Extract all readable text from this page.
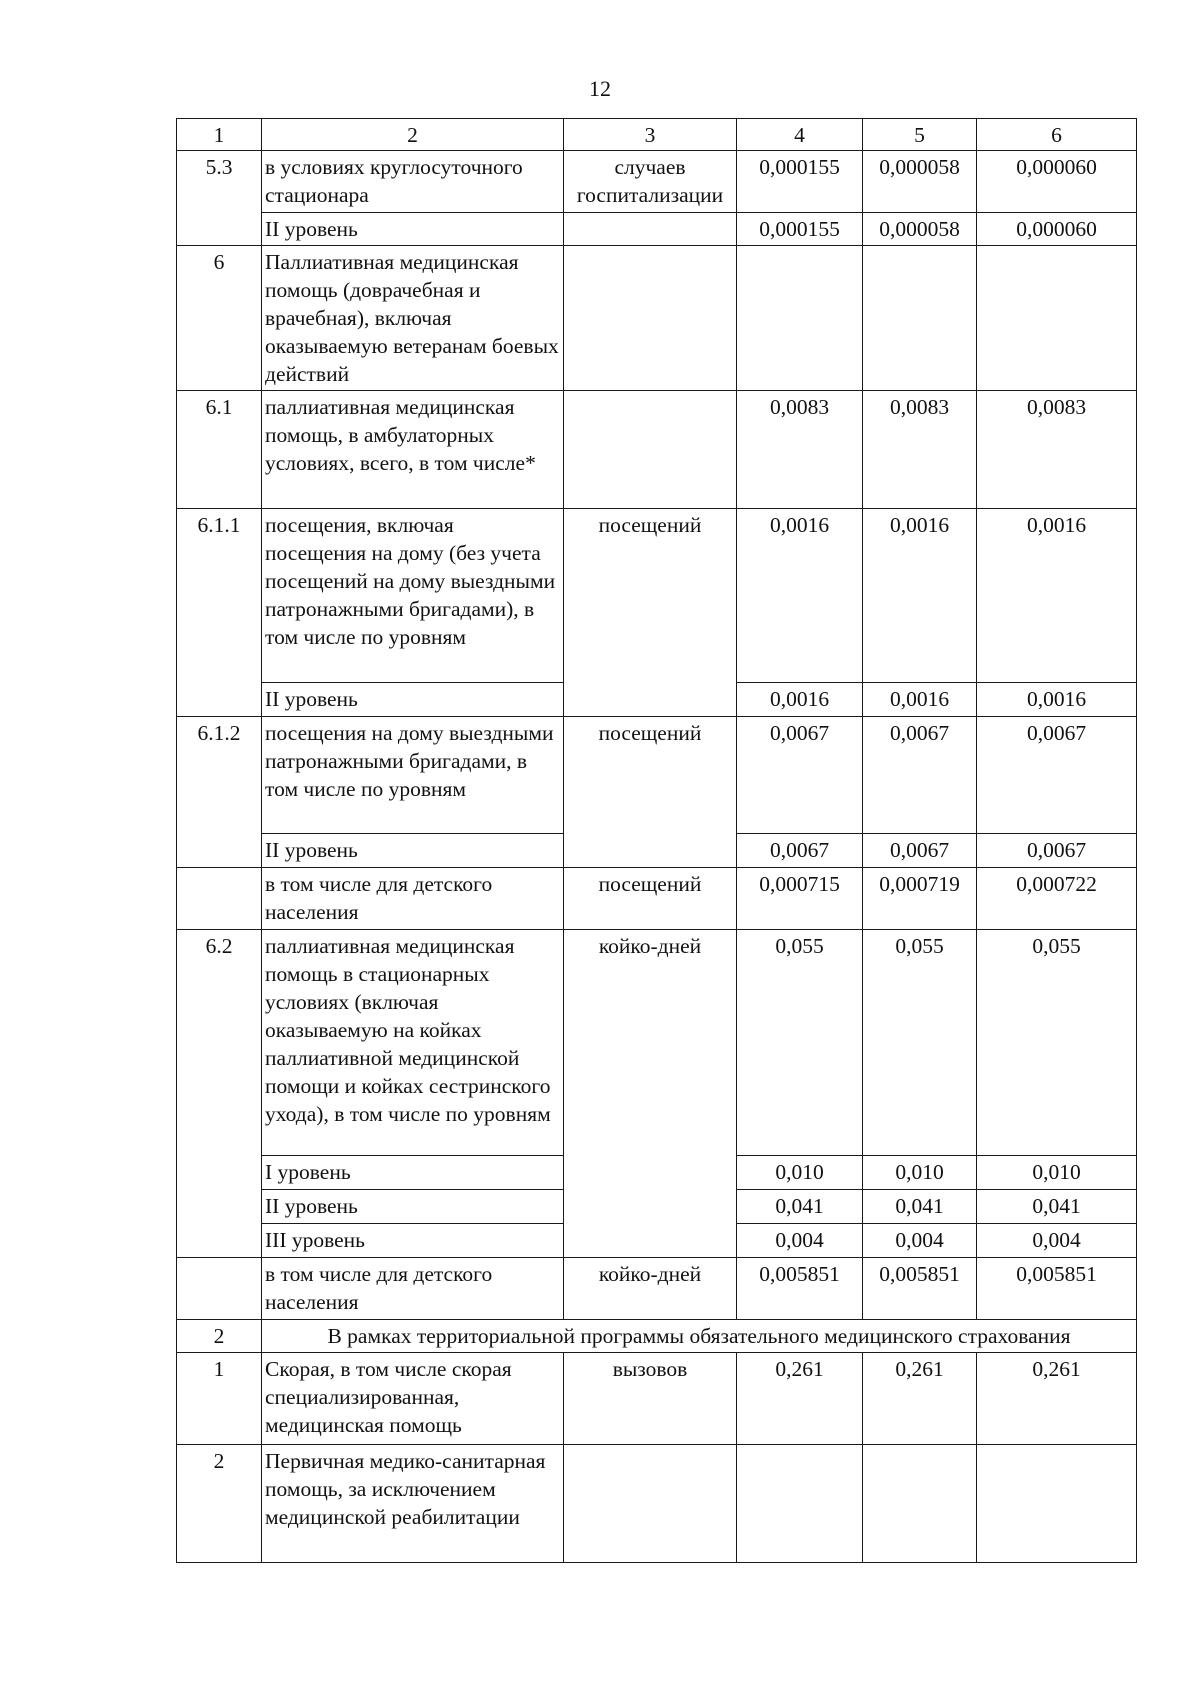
12
1	2	3	4	5	6
5.3	в условиях круглосуточного стационара	случаев госпитализации	0,000155	0,000058	0,000060
	II уровень		0,000155	0,000058	0,000060
6	Паллиативная медицинская помощь (доврачебная и врачебная), включая оказываемую ветеранам боевых действий				
6.1	паллиативная медицинская помощь, в амбулаторных условиях, всего, в том числе*		0,0083	0,0083	0,0083
6.1.1	посещения, включая посещения на дому (без учета посещений на дому выездными патронажными бригадами), в том числе по уровням	посещений	0,0016	0,0016	0,0016
	II уровень		0,0016	0,0016	0,0016
6.1.2	посещения на дому выездными патронажными бригадами, в том числе по уровням	посещений	0,0067	0,0067	0,0067
	II уровень		0,0067	0,0067	0,0067
	в том числе для детского населения	посещений	0,000715	0,000719	0,000722
6.2	паллиативная медицинская помощь в стационарных условиях (включая оказываемую на койках паллиативной медицинской помощи и койках сестринского ухода), в том числе по уровням	койко-дней	0,055	0,055	0,055
	I уровень		0,010	0,010	0,010
	II уровень		0,041	0,041	0,041
	III уровень		0,004	0,004	0,004
	в том числе для детского населения	койко-дней	0,005851	0,005851	0,005851
2	В рамках территориальной программы обязательного медицинского страхования				
1	Скорая, в том числе скорая специализированная, медицинская помощь	вызовов	0,261	0,261	0,261
2	Первичная медико-санитарная помощь, за исключением медицинской реабилитации				
